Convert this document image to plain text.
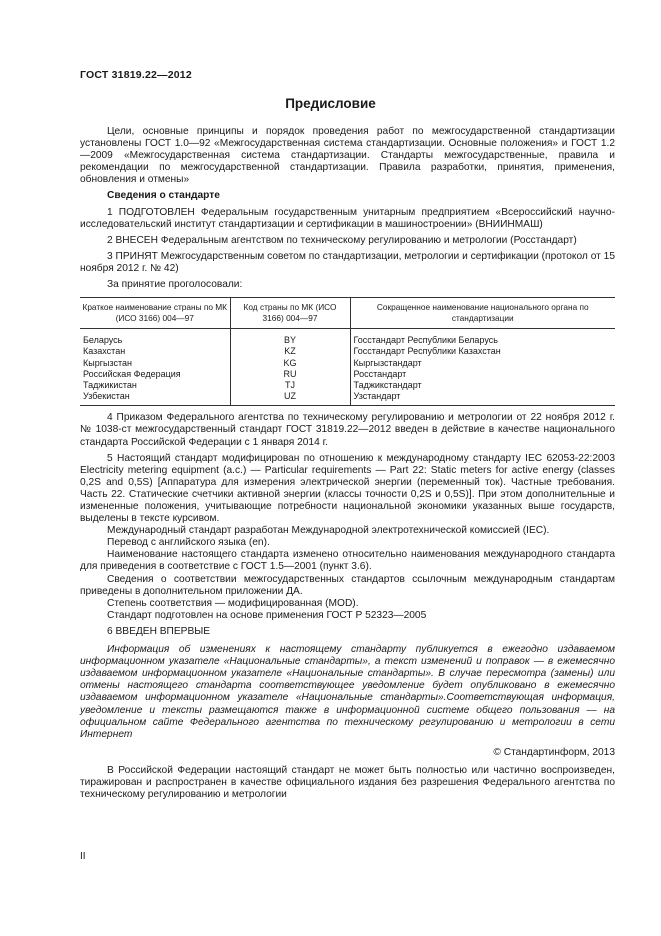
ГОСТ 31819.22—2012
Предисловие

Цели, основные принципы и порядок проведения работ по межгосударственной стандартизации установлены ГОСТ 1.0—92 «Межгосударственная система стандартизации. Основные положения» и ГОСТ 1.2—2009 «Межгосударственная система стандартизации. Стандарты межгосударственные, правила и рекомендации по межгосударственной стандартизации. Правила разработки, принятия, применения, обновления и отмены»

Сведения о стандарте

1 ПОДГОТОВЛЕН Федеральным государственным унитарным предприятием «Всероссийский научно-исследовательский институт стандартизации и сертификации в машиностроении» (ВНИИНМАШ)

2 ВНЕСЕН Федеральным агентством по техническому регулированию и метрологии (Росстандарт)

3 ПРИНЯТ Межгосударственным советом по стандартизации, метрологии и сертификации (протокол от 15 ноября 2012 г. № 42)

За принятие проголосовали:

Краткое наименование страны по МК (ИСО 3166) 004—97	Код страны по МК (ИСО 3166) 004—97	Сокращенное наименование национального органа по стандартизации
Беларусь	BY	Госстандарт Республики Беларусь
Казахстан	KZ	Госстандарт Республики Казахстан
Кыргызстан	KG	Кыргызстандарт
Российская Федерация	RU	Росстандарт
Таджикистан	TJ	Таджикстандарт
Узбекистан	UZ	Узстандарт

4 Приказом Федерального агентства по техническому регулированию и метрологии от 22 ноября 2012 г. № 1038-ст межгосударственный стандарт ГОСТ 31819.22—2012 введен в действие в качестве национального стандарта Российской Федерации с 1 января 2014 г.

5 Настоящий стандарт модифицирован по отношению к международному стандарту IEC 62053-22:2003 Electricity metering equipment (a.c.) — Particular requirements — Part 22: Static meters for active energy (classes 0,2S and 0,5S) [Аппаратура для измерения электрической энергии (переменный ток). Частные требования. Часть 22. Статические счетчики активной энергии (классы точности 0,2S и 0,5S)]. При этом дополнительные и измененные положения, учитывающие потребности национальной экономики указанных выше государств, выделены в тексте курсивом.

Международный стандарт разработан Международной электротехнической комиссией (IEC).

Перевод с английского языка (en).

Наименование настоящего стандарта изменено относительно наименования международного стандарта для приведения в соответствие с ГОСТ 1.5—2001 (пункт 3.6).

Сведения о соответствии межгосударственных стандартов ссылочным международным стандартам приведены в дополнительном приложении ДА.

Степень соответствия — модифицированная (MOD).

Стандарт подготовлен на основе применения ГОСТ Р 52323—2005

6 ВВЕДЕН ВПЕРВЫЕ

Информация об изменениях к настоящему стандарту публикуется в ежегодно издаваемом информационном указателе «Национальные стандарты», а текст изменений и поправок — в ежемесячно издаваемом информационном указателе «Национальные стандарты». В случае пересмотра (замены) или отмены настоящего стандарта соответствующее уведомление будет опубликовано в ежемесячно издаваемом информационном указателе «Национальные стандарты».Соответствующая информация, уведомление и тексты размещаются также в информационной системе общего пользования — на официальном сайте Федерального агентства по техническому регулированию и метрологии в сети Интернет

© Стандартинформ, 2013

В Российской Федерации настоящий стандарт не может быть полностью или частично воспроизведен, тиражирован и распространен в качестве официального издания без разрешения Федерального агентства по техническому регулированию и метрологии

II
